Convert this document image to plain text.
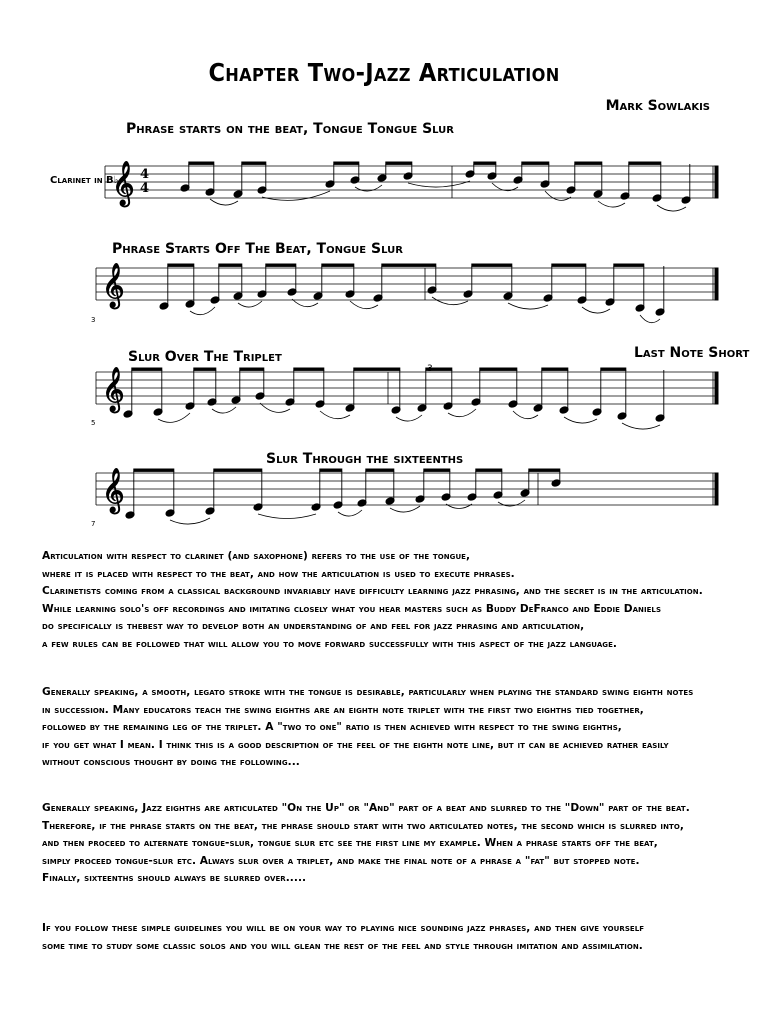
Chapter Two-Jazz Articulation
Mark Sowlakis
Phrase starts on the beat, Tongue Tongue Slur
Phrase Starts Off The Beat, Tongue Slur
Slur Over The Triplet	Last Note Short
Slur Through the sixteenths
Clarinet in B♭
3
5
7
𝄞
𝄞
𝄞
𝄞
4
4
3

Articulation with respect to clarinet (and saxophone) refers to the use of the tongue,

where it is placed with respect to the beat, and how the articulation is used to execute phrases.

Clarinetists coming from a classical background invariably have difficulty learning jazz phrasing, and the secret is in the articulation.

While learning solo's off recordings and imitating closely what you hear masters such as Buddy DeFranco and Eddie Daniels

do specifically is thebest way to develop both an understanding of and feel for jazz phrasing and articulation,

a few rules can be followed that will allow you to move forward successfully with this aspect of the jazz language.

Generally speaking, a smooth, legato stroke with the tongue is desirable, particularly when playing the standard swing eighth notes

in succession. Many educators teach the swing eighths are an eighth note triplet with the first two eighths tied together,

followed by the remaining leg of the triplet. A "two to one" ratio is then achieved with respect to the swing eighths,

if you get what I mean. I think this is a good description of the feel of the eighth note line, but it can be achieved rather easily

without conscious thought by doing the following...

Generally speaking, Jazz eighths are articulated "On the Up" or "And" part of a beat and slurred to the "Down" part of the beat.

Therefore, if the phrase starts on the beat, the phrase should start with two articulated notes, the second which is slurred into,

and then proceed to alternate tongue-slur, tongue slur etc see the first line my example. When a phrase starts off the beat,

simply proceed tongue-slur etc. Always slur over a triplet, and make the final note of a phrase a "fat" but stopped note.

Finally, sixteenths should always be slurred over.....

If you follow these simple guidelines you will be on your way to playing nice sounding jazz phrases, and then give yourself

some time to study some classic solos and you will glean the rest of the feel and style through imitation and assimilation.
